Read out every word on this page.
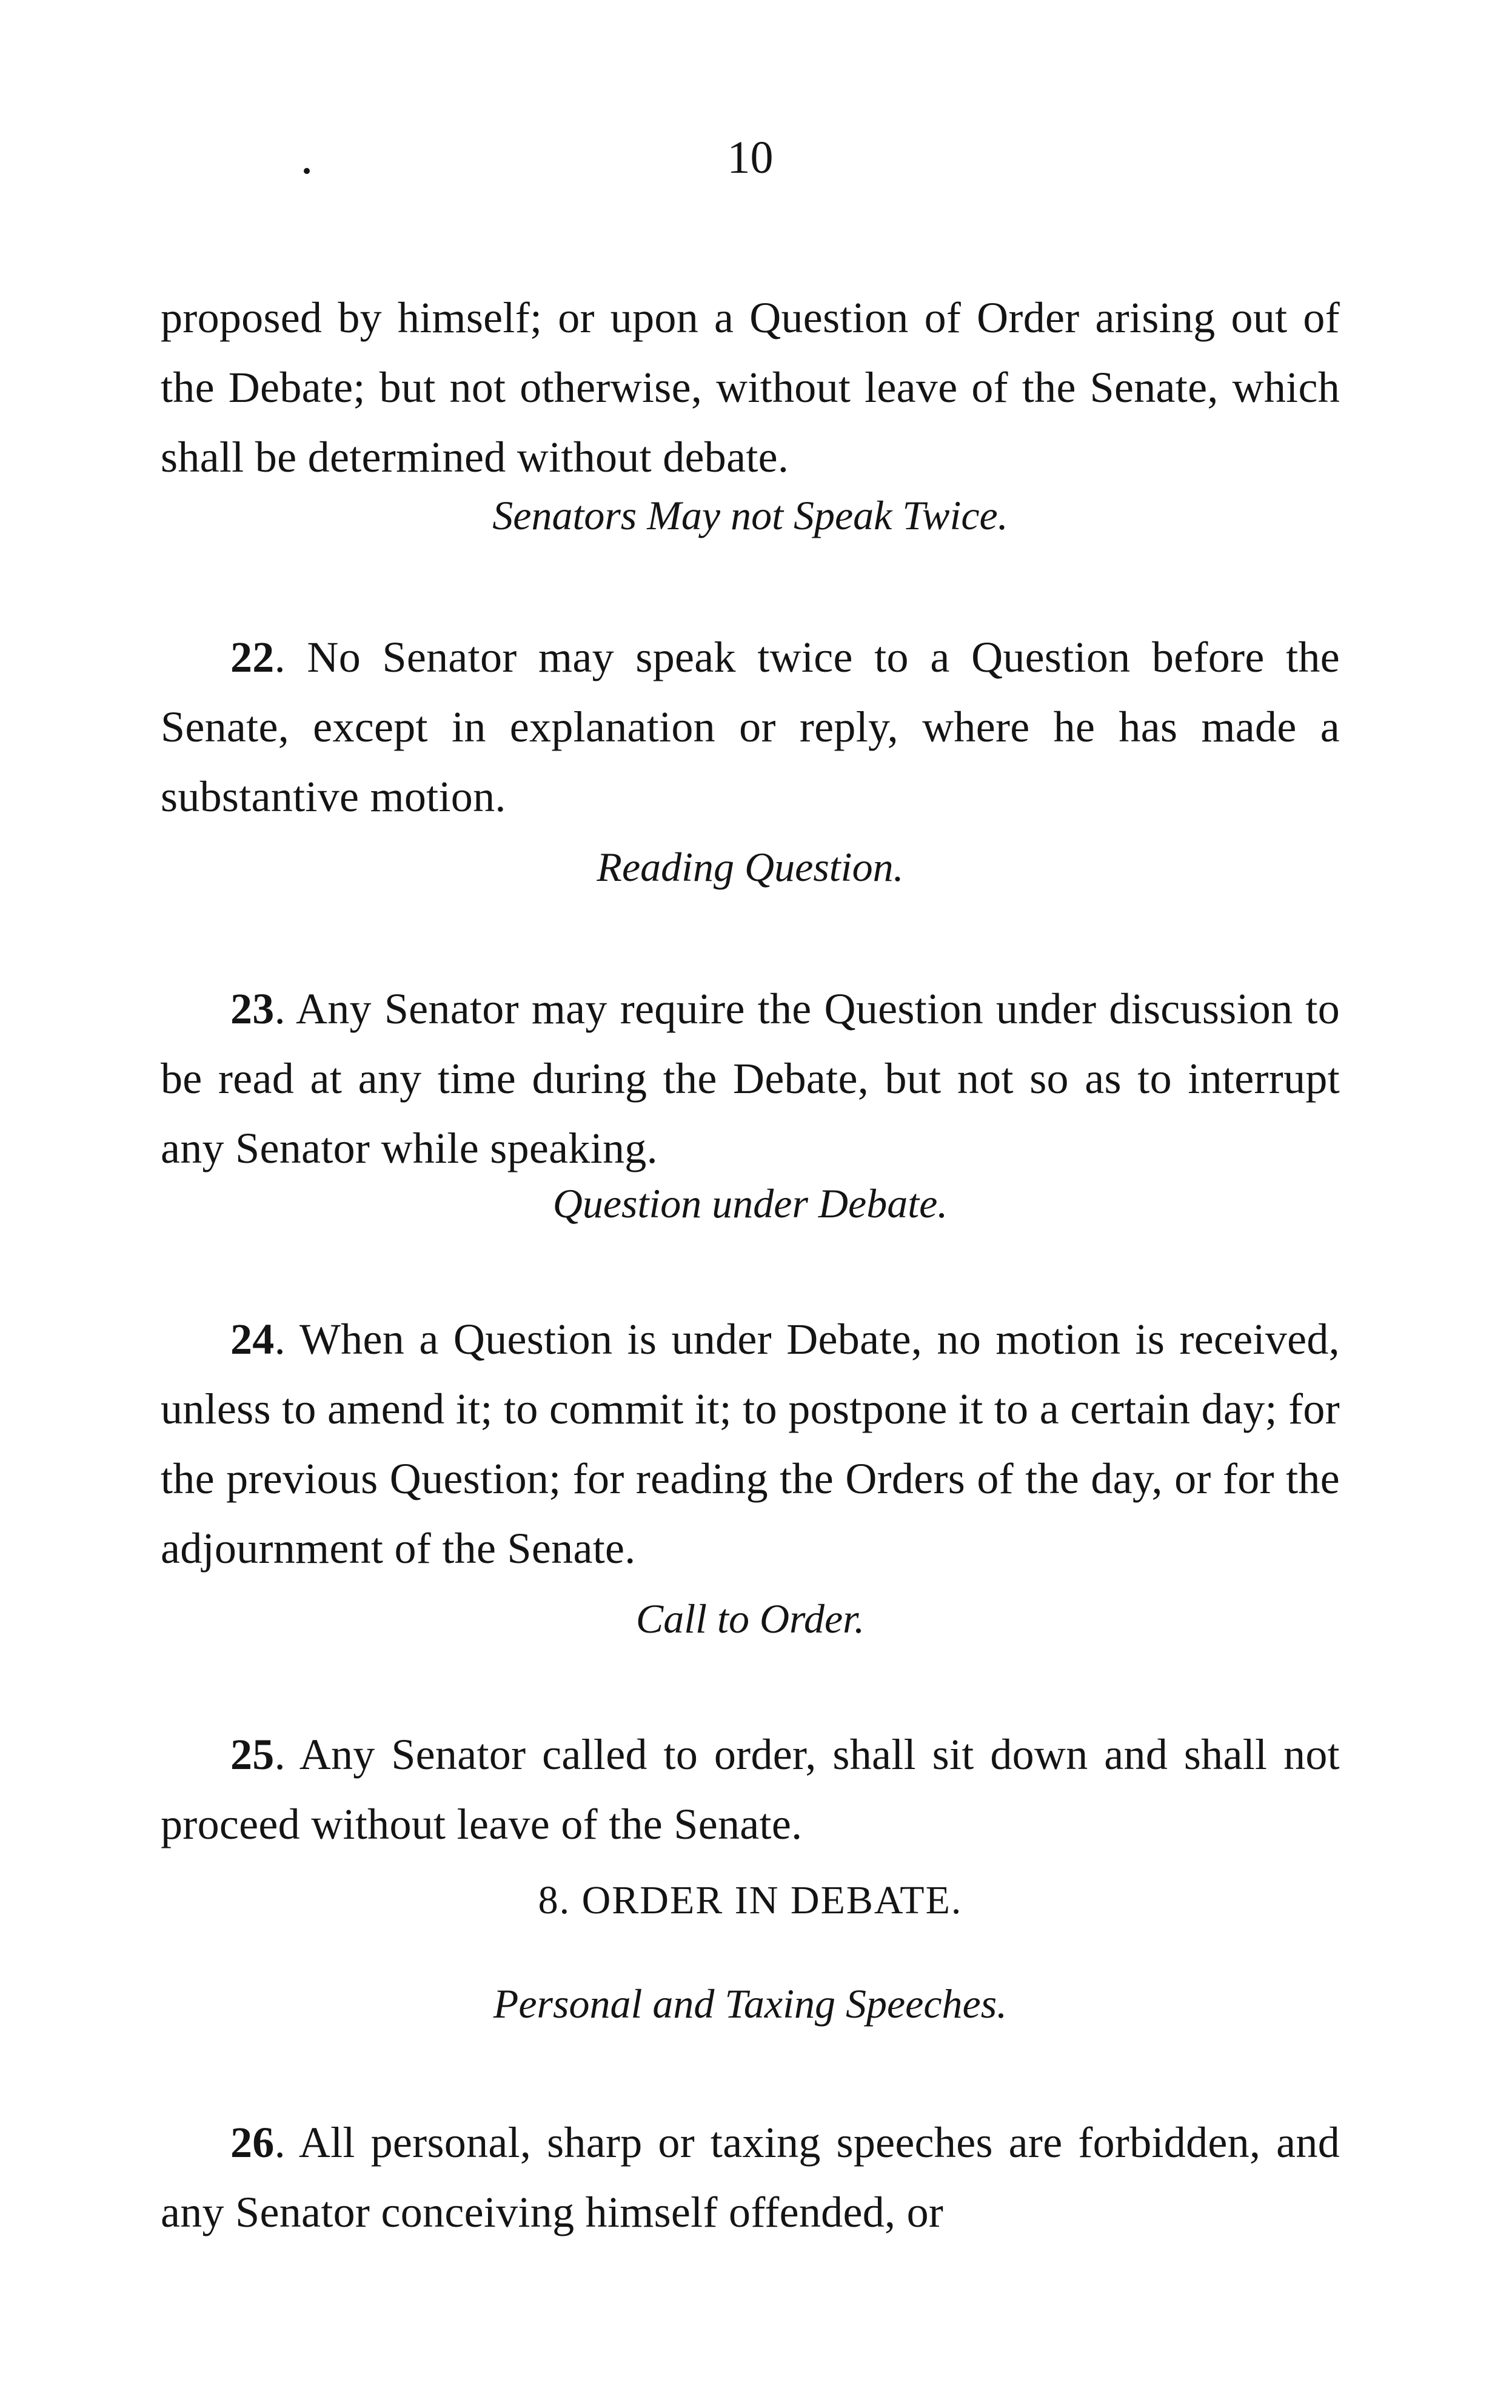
10

proposed by himself; or upon a Question of Order arising out of the Debate; but not otherwise, without leave of the Senate, which shall be determined without debate.

Senators May not Speak Twice.

22. No Senator may speak twice to a Question before the Senate, except in explanation or reply, where he has made a substantive motion.

Reading Question.

23. Any Senator may require the Question under discussion to be read at any time during the Debate, but not so as to interrupt any Senator while speaking.

Question under Debate.

24. When a Question is under Debate, no motion is received, unless to amend it; to commit it; to postpone it to a certain day; for the previous Question; for reading the Orders of the day, or for the adjournment of the Senate.

Call to Order.

25. Any Senator called to order, shall sit down and shall not proceed without leave of the Senate.

8. ORDER IN DEBATE.
Personal and Taxing Speeches.

26. All personal, sharp or taxing speeches are forbidden, and any Senator conceiving himself offended, or
